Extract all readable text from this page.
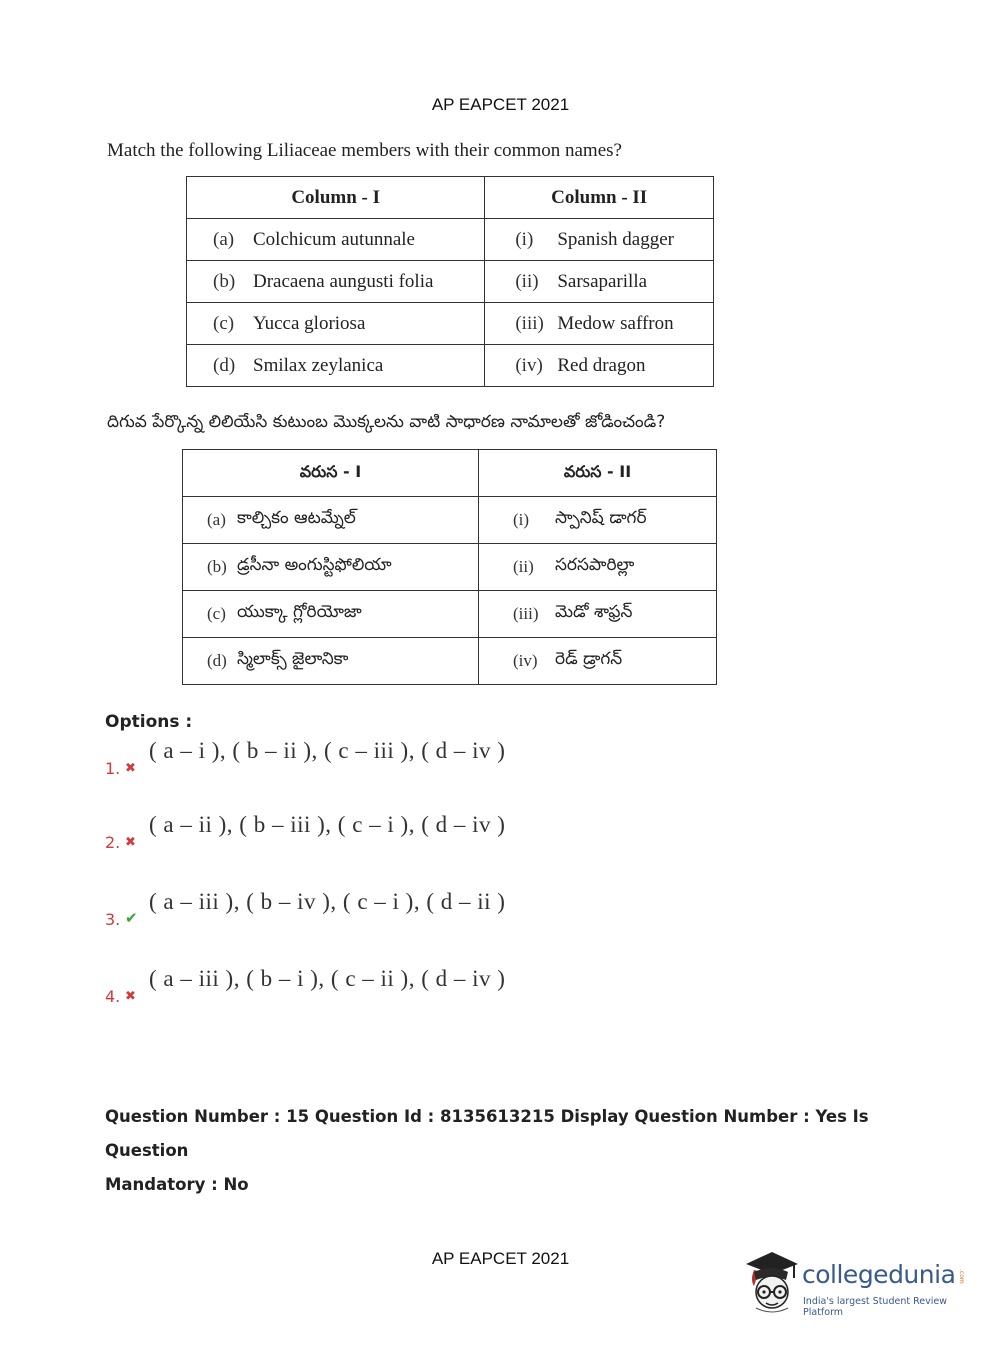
AP EAPCET 2021
Match the following Liliaceae members with their common names?
Column - I	Column - II

(a) Colchicum autunnale	(i) Spanish dagger

(b) Dracaena aungusti folia	(ii) Sarsaparilla

(c) Yucca gloriosa	(iii) Medow saffron

(d) Smilax zeylanica	(iv) Red dragon
దిగువ పేర్కొన్న లిలియేసి కుటుంబ మొక్కలను వాటి సాధారణ నామాలతో జోడించండి?
వరుస - I	వరుస - II

(a) కాల్చికం ఆటమ్నేల్	(i) స్పానిష్ డాగర్

(b) డ్రసీనా అంగుస్టిఫోలియా	(ii) సరసపారిల్లా

(c) యుక్కా గ్లోరియోజా	(iii) మెడో శాఫ్రన్

(d) స్మిలాక్స్ జైలానికా	(iv) రెడ్ డ్రాగన్
Options :
1. ✖
( a – i ), ( b – ii ), ( c – iii ), ( d – iv )
2. ✖
( a – ii ), ( b – iii ), ( c – i ), ( d – iv )
3. ✔
( a – iii ), ( b – iv ), ( c – i ), ( d – ii )
4. ✖
( a – iii ), ( b – i ), ( c – ii ), ( d – iv )
Question Number : 15 Question Id : 8135613215 Display Question Number : Yes Is Question
Mandatory : No
AP EAPCET 2021
collegedunia .com
India's largest Student Review Platform
